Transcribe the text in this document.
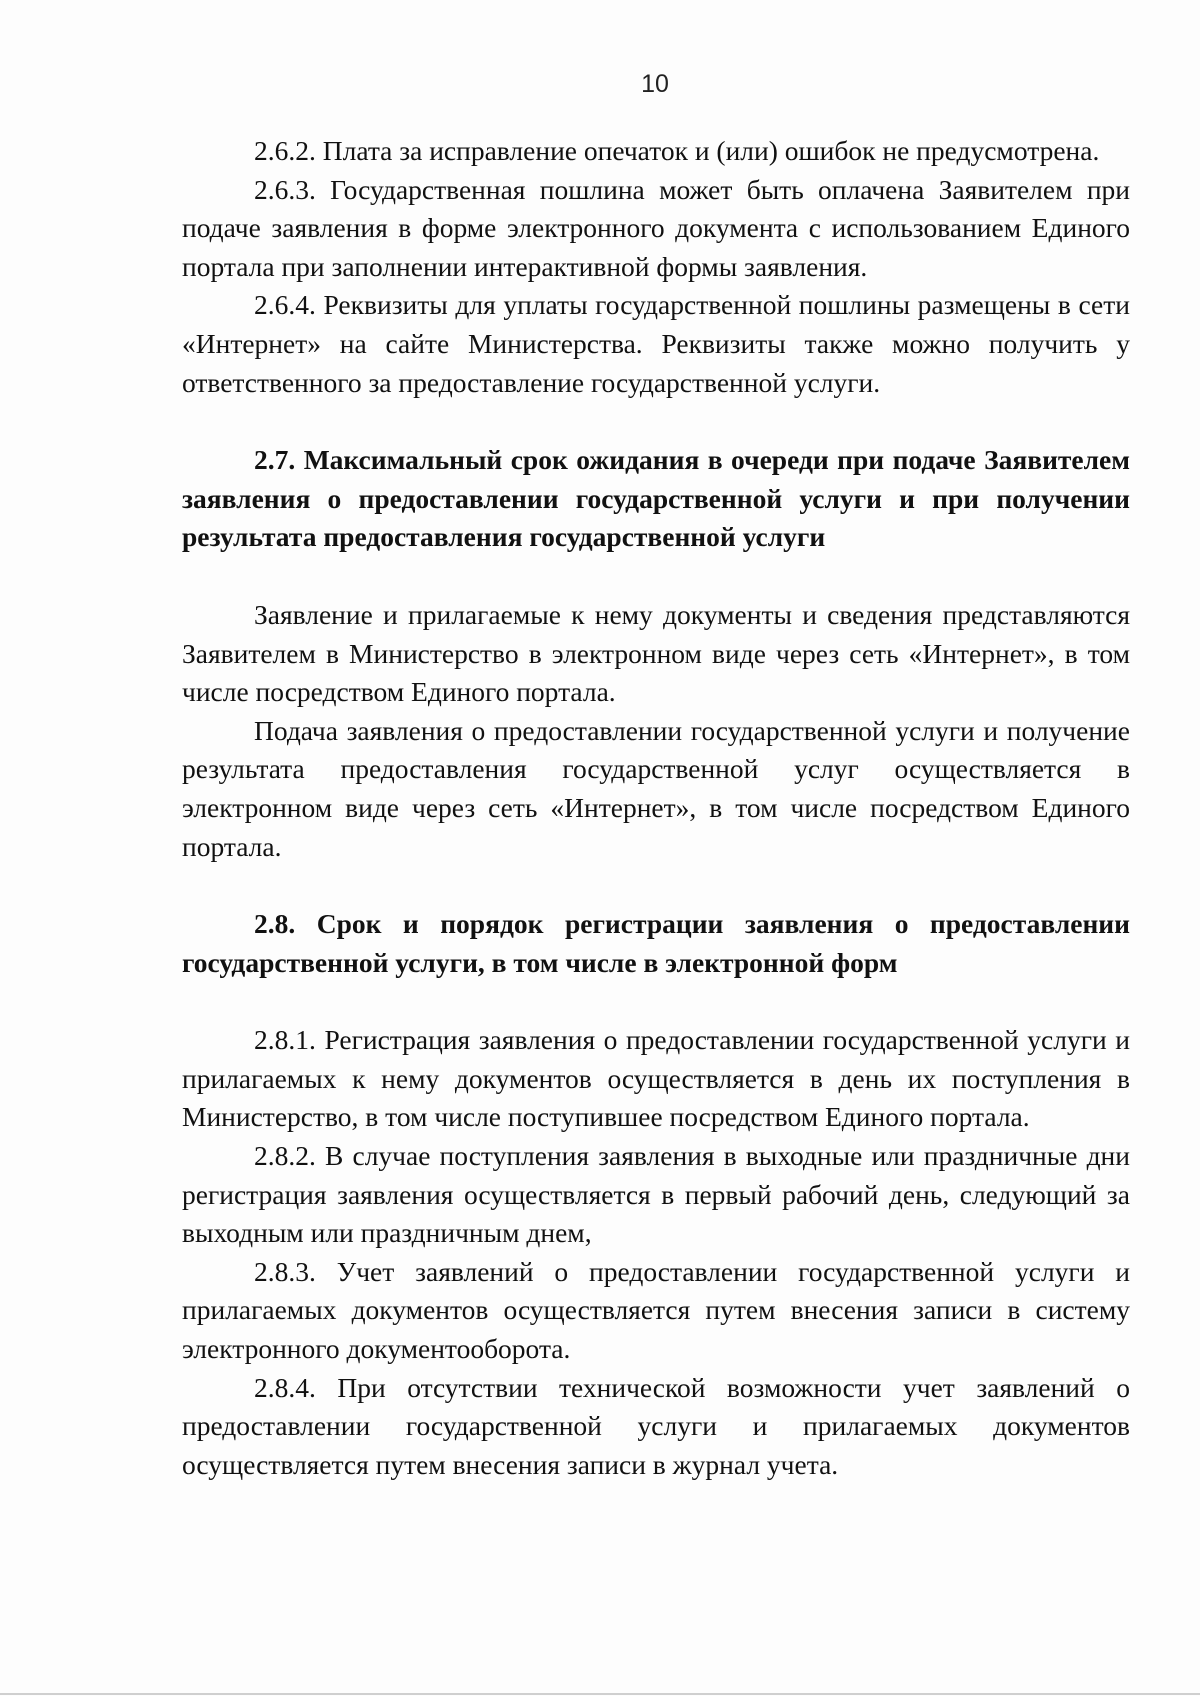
10

2.6.2. Плата за исправление опечаток и (или) ошибок не предусмотрена.

2.6.3. Государственная пошлина может быть оплачена Заявителем при подаче заявления в форме электронного документа с использованием Единого портала при заполнении интерактивной формы заявления.

2.6.4. Реквизиты для уплаты государственной пошлины размещены в сети «Интернет» на сайте Министерства. Реквизиты также можно получить у ответственного за предоставление государственной услуги.

2.7. Максимальный срок ожидания в очереди при подаче Заявителем заявления о предоставлении государственной услуги и при получении результата предоставления государственной услуги

Заявление и прилагаемые к нему документы и сведения представляются Заявителем в Министерство в электронном виде через сеть «Интернет», в том числе посредством Единого портала.

Подача заявления о предоставлении государственной услуги и получение результата предоставления государственной услуг осуществляется в электронном виде через сеть «Интернет», в том числе посредством Единого портала.

2.8. Срок и порядок регистрации заявления о предоставлении государственной услуги, в том числе в электронной форм

2.8.1. Регистрация заявления о предоставлении государственной услуги и прилагаемых к нему документов осуществляется в день их поступления в Министерство, в том числе поступившее посредством Единого портала.

2.8.2. В случае поступления заявления в выходные или праздничные дни регистрация заявления осуществляется в первый рабочий день, следующий за выходным или праздничным днем,

2.8.3. Учет заявлений о предоставлении государственной услуги и прилагаемых документов осуществляется путем внесения записи в систему электронного документооборота.

2.8.4. При отсутствии технической возможности учет заявлений о предоставлении государственной услуги и прилагаемых документов осуществляется путем внесения записи в журнал учета.
